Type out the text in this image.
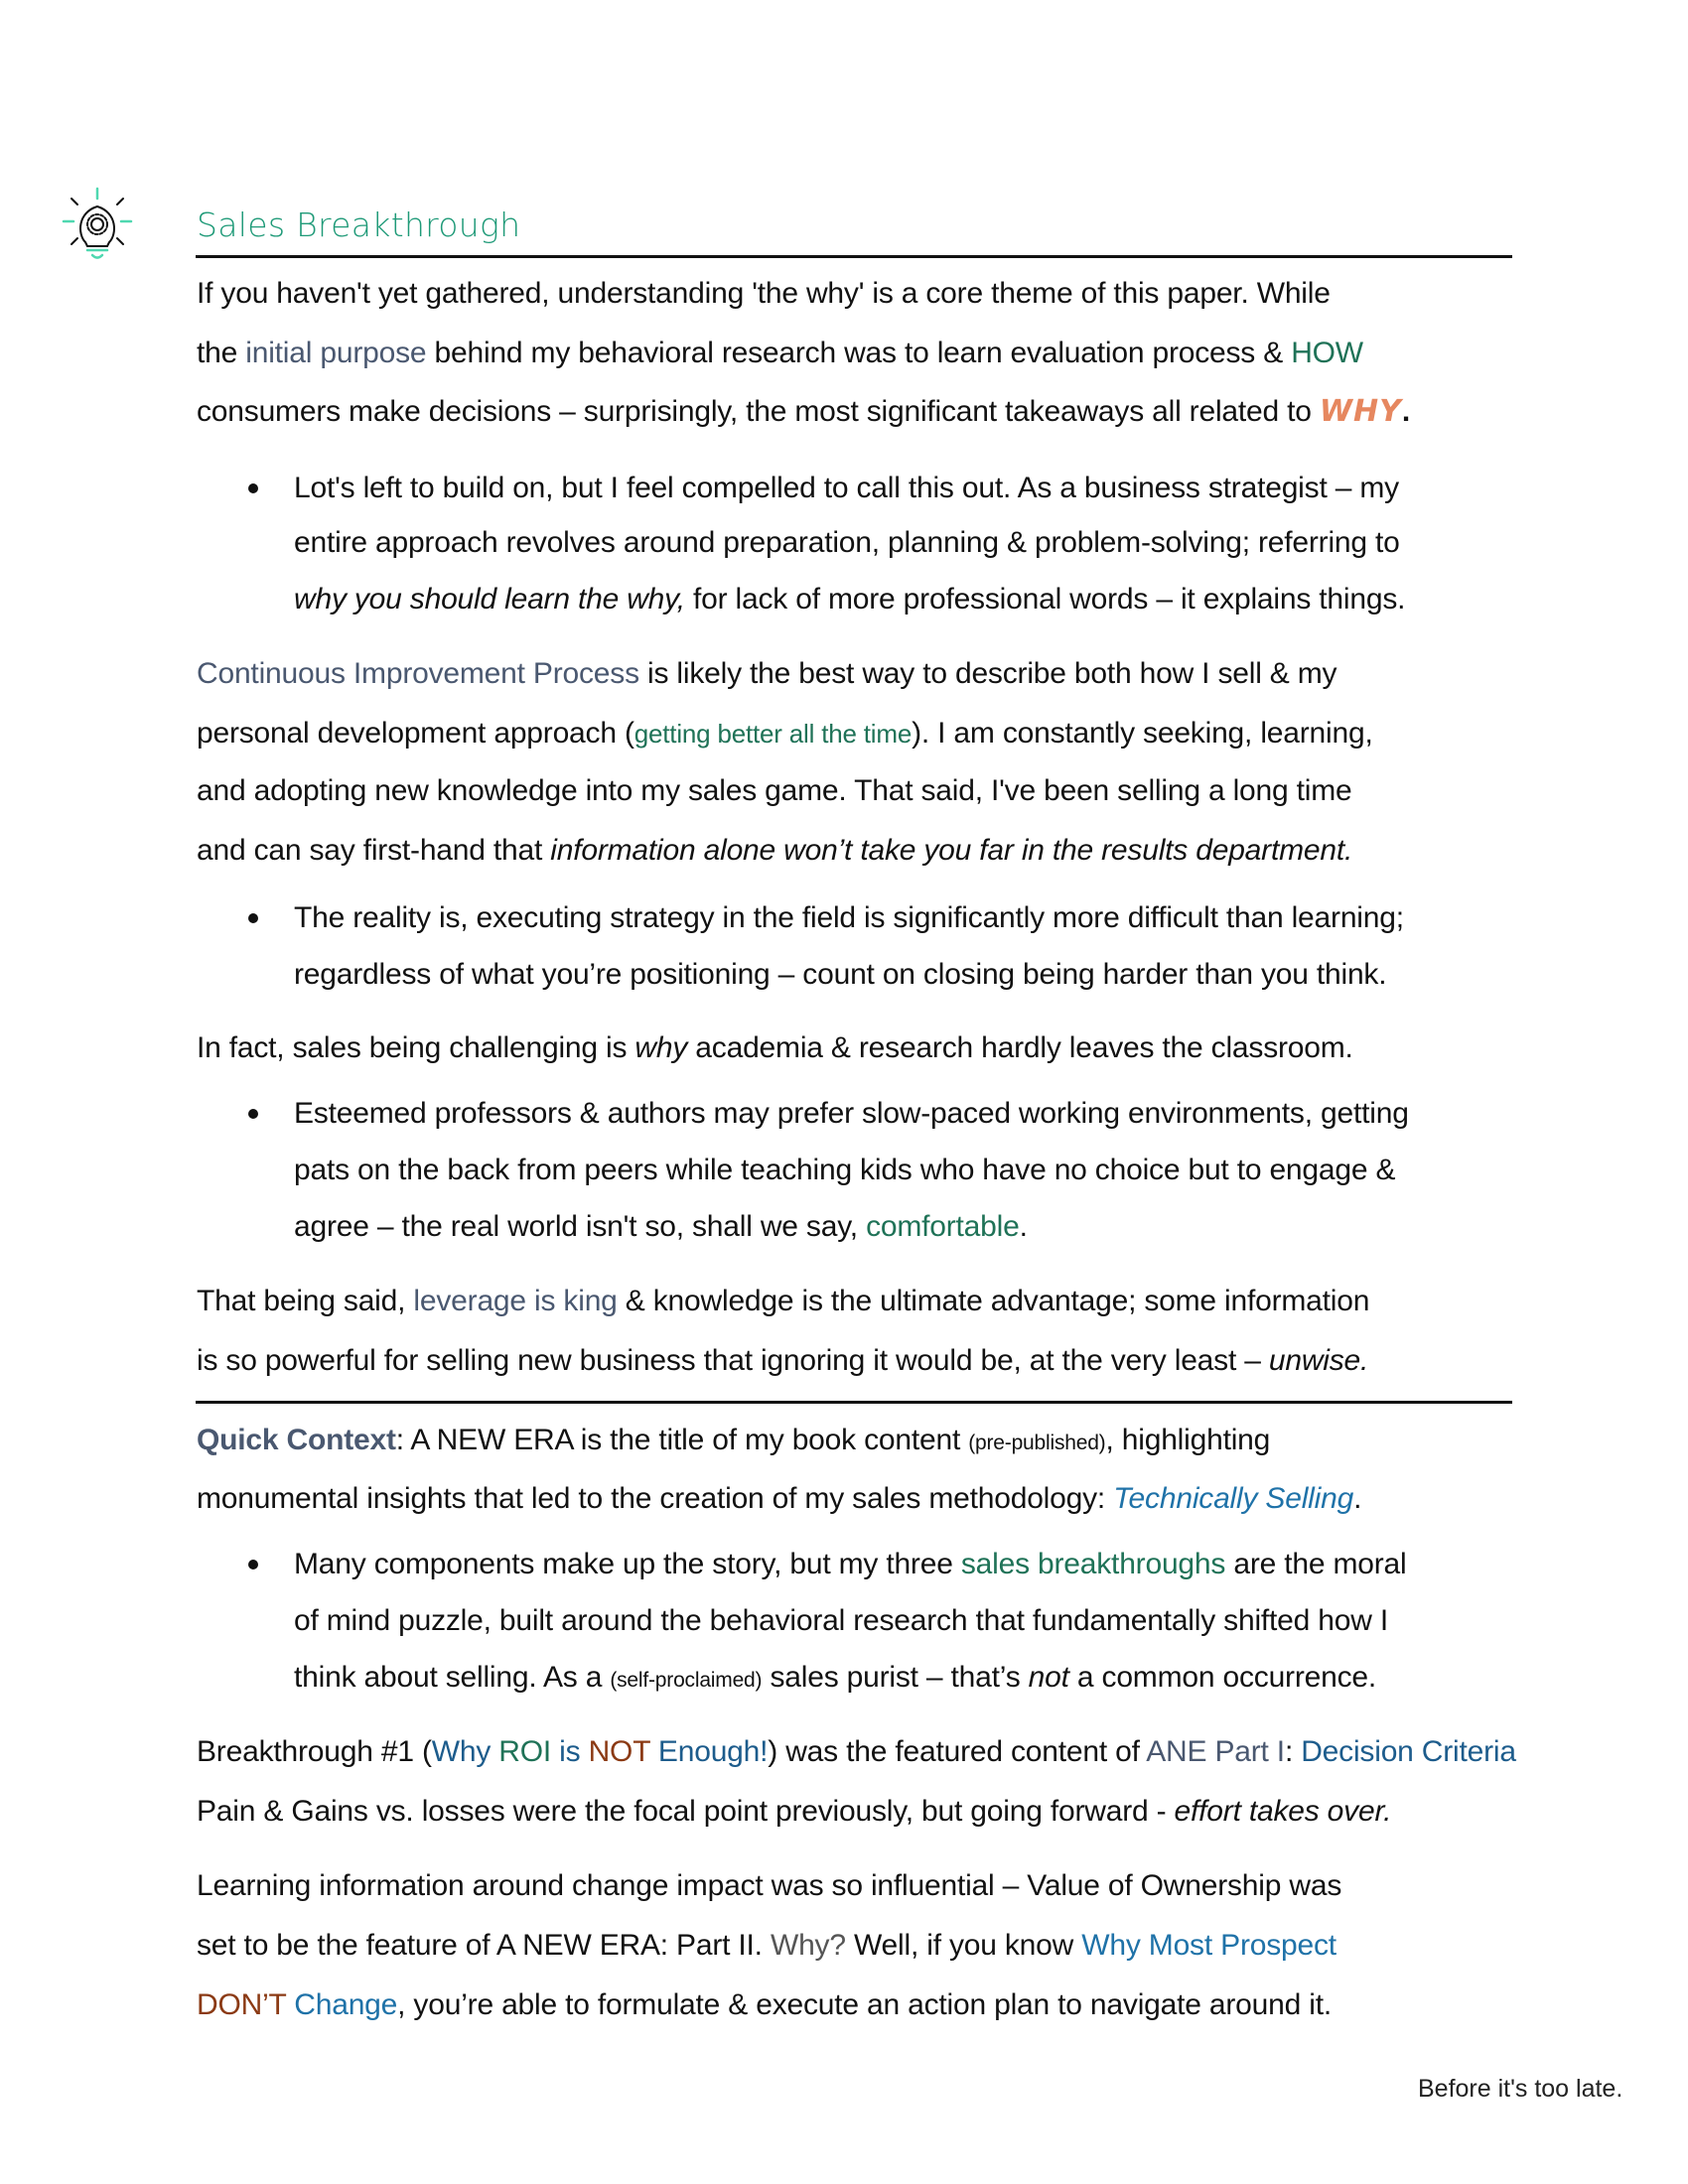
Sales Breakthrough
If you haven't yet gathered, understanding 'the why' is a core theme of this paper. While
the initial purpose behind my behavioral research was to learn evaluation process & HOW
consumers make decisions – surprisingly, the most significant takeaways all related to WHY.
Lot's left to build on, but I feel compelled to call this out. As a business strategist – my
entire approach revolves around preparation, planning & problem-solving; referring to
why you should learn the why, for lack of more professional words – it explains things.
Continuous Improvement Process is likely the best way to describe both how I sell & my
personal development approach (getting better all the time). I am constantly seeking, learning,
and adopting new knowledge into my sales game. That said, I've been selling a long time
and can say first-hand that information alone won’t take you far in the results department.
The reality is, executing strategy in the field is significantly more difficult than learning;
regardless of what you’re positioning – count on closing being harder than you think.
In fact, sales being challenging is why academia & research hardly leaves the classroom.
Esteemed professors & authors may prefer slow-paced working environments, getting
pats on the back from peers while teaching kids who have no choice but to engage &
agree – the real world isn't so, shall we say, comfortable.
That being said, leverage is king & knowledge is the ultimate advantage; some information
is so powerful for selling new business that ignoring it would be, at the very least – unwise.
Quick Context: A NEW ERA is the title of my book content (pre-published), highlighting
monumental insights that led to the creation of my sales methodology: Technically Selling.
Many components make up the story, but my three sales breakthroughs are the moral
of mind puzzle, built around the behavioral research that fundamentally shifted how I
think about selling. As a (self-proclaimed) sales purist – that’s not a common occurrence.
Breakthrough #1 (Why ROI is NOT Enough!) was the featured content of ANE Part I: Decision Criteria
Pain & Gains vs. losses were the focal point previously, but going forward - effort takes over.
Learning information around change impact was so influential – Value of Ownership was
set to be the feature of A NEW ERA: Part II. Why? Well, if you know Why Most Prospect
DON’T Change, you’re able to formulate & execute an action plan to navigate around it.
Before it's too late.
